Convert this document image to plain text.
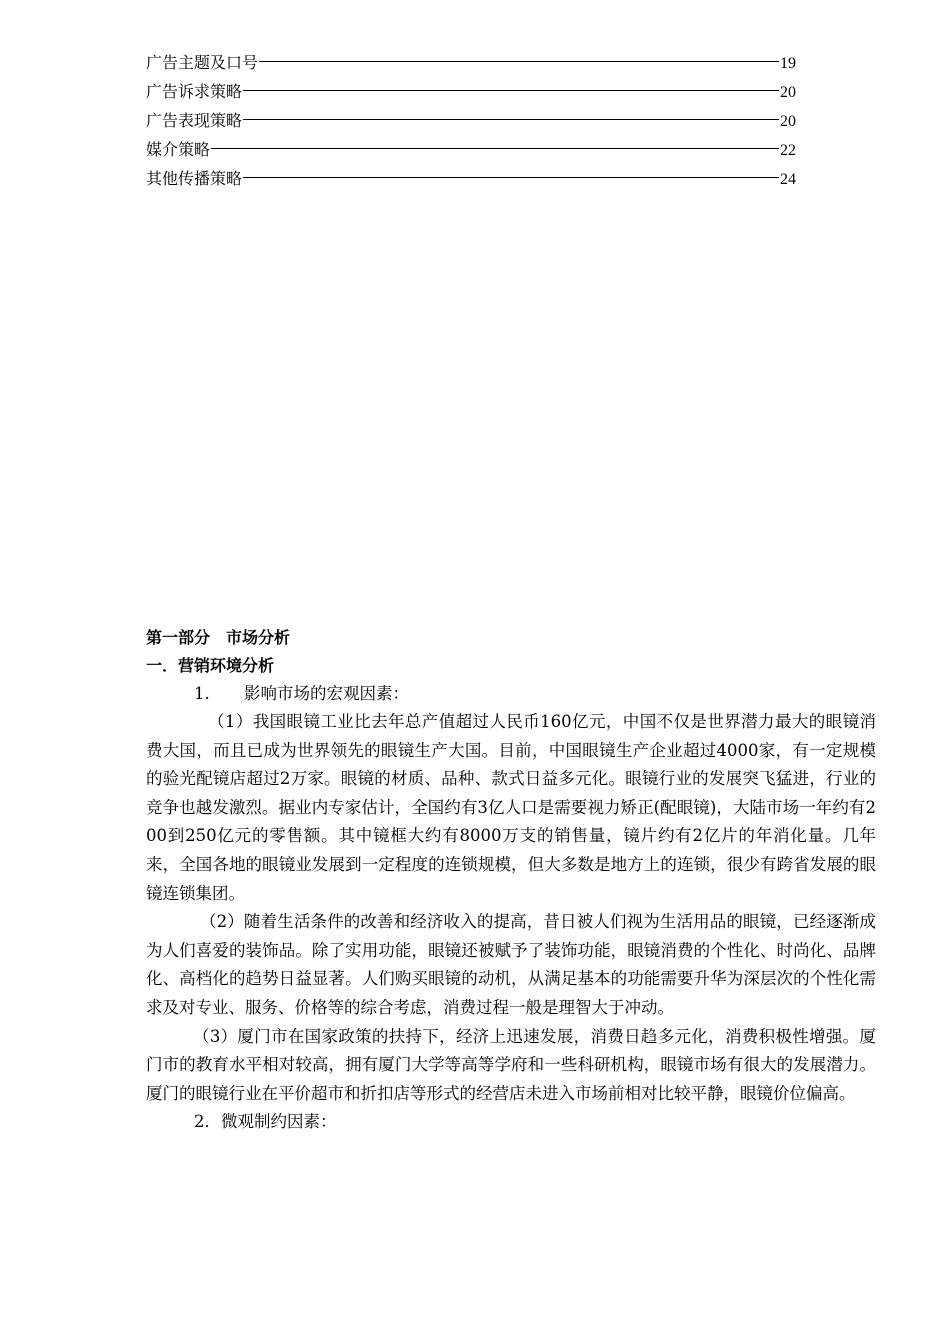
广告主题及口号	19
广告诉求策略	20
广告表现策略	20
媒介策略	22
其他传播策略	24
第一部分　市场分析
一．营销环境分析
1. 影响市场的宏观因素：

（1）我国眼镜工业比去年总产值超过人民币160亿元，中国不仅是世界潜力最大的眼镜消费大国，而且已成为世界领先的眼镜生产大国。目前，中国眼镜生产企业超过4000家，有一定规模的验光配镜店超过2万家。眼镜的材质、品种、款式日益多元化。眼镜行业的发展突飞猛进，行业的竞争也越发激烈。据业内专家估计，全国约有3亿人口是需要视力矫正(配眼镜)，大陆市场一年约有200到250亿元的零售额。其中镜框大约有8000万支的销售量，镜片约有2亿片的年消化量。几年来，全国各地的眼镜业发展到一定程度的连锁规模，但大多数是地方上的连锁，很少有跨省发展的眼镜连锁集团。

（2）随着生活条件的改善和经济收入的提高，昔日被人们视为生活用品的眼镜，已经逐渐成为人们喜爱的装饰品。除了实用功能，眼镜还被赋予了装饰功能，眼镜消费的个性化、时尚化、品牌化、高档化的趋势日益显著。人们购买眼镜的动机，从满足基本的功能需要升华为深层次的个性化需求及对专业、服务、价格等的综合考虑，消费过程一般是理智大于冲动。

（3）厦门市在国家政策的扶持下，经济上迅速发展，消费日趋多元化，消费积极性增强。厦门市的教育水平相对较高，拥有厦门大学等高等学府和一些科研机构，眼镜市场有很大的发展潜力。厦门的眼镜行业在平价超市和折扣店等形式的经营店未进入市场前相对比较平静，眼镜价位偏高。

2．微观制约因素：
